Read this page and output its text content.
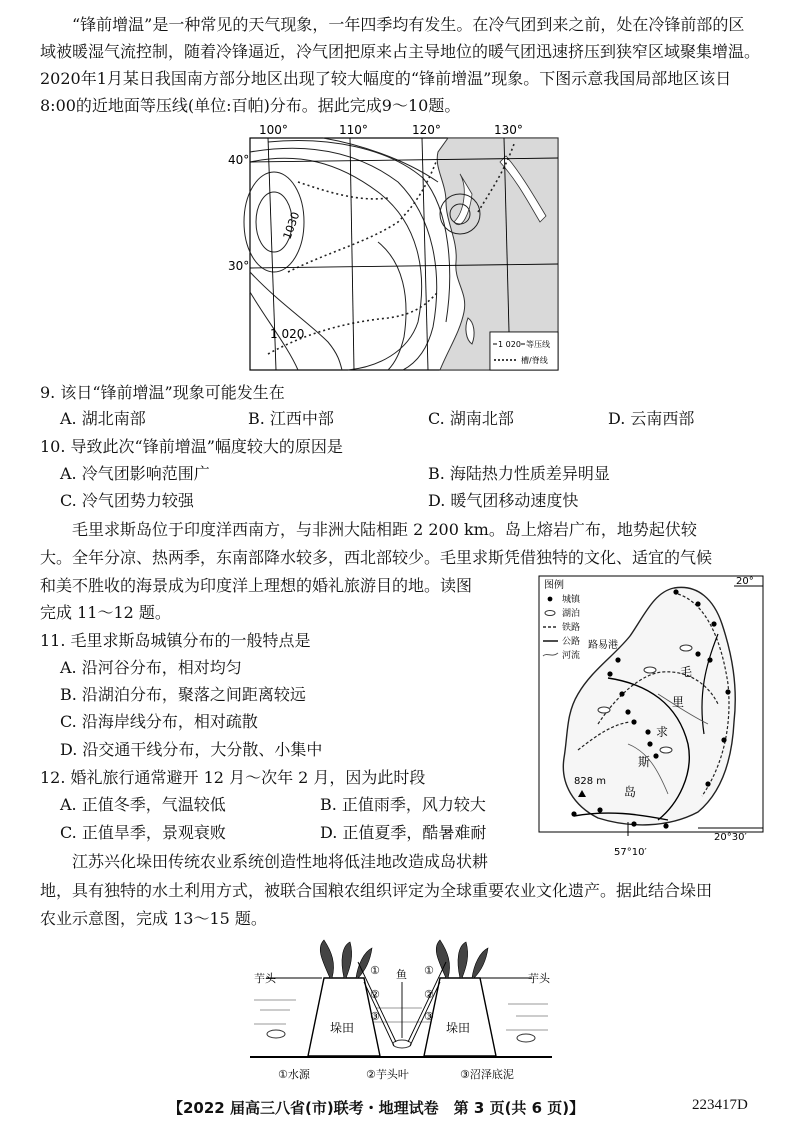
“锋前增温”是一种常见的天气现象，一年四季均有发生。在冷气团到来之前，处在冷锋前部的区域被暖湿气流控制，随着冷锋逼近，冷气团把原来占主导地位的暖气团迅速挤压到狭窄区域聚集增温。2020年1月某日我国南方部分地区出现了较大幅度的“锋前增温”现象。下图示意我国局部地区该日8:00的近地面等压线(单位:百帕)分布。据此完成9～10题。

100°	110°	120°	130°
40°
30°
1030
1 020
1 020 等压线
槽/脊线
9. 该日“锋前增温”现象可能发生在
A. 湖北南部	B. 江西中部	C. 湖南北部	D. 云南西部
10. 导致此次“锋前增温”幅度较大的原因是
A. 冷气团影响范围广	B. 海陆热力性质差异明显
C. 冷气团势力较强	D. 暖气团移动速度快
毛里求斯岛位于印度洋西南方，与非洲大陆相距 2 200 km。岛上熔岩广布，地势起伏较
大。全年分凉、热两季，东南部降水较多，西北部较少。毛里求斯凭借独特的文化、适宜的气候
和美不胜收的海景成为印度洋上理想的婚礼旅游目的地。读图
完成 11～12 题。
11. 毛里求斯岛城镇分布的一般特点是
A. 沿河谷分布，相对均匀
B. 沿湖泊分布，聚落之间距离较远
C. 沿海岸线分布，相对疏散
D. 沿交通干线分布，大分散、小集中
12. 婚礼旅行通常避开 12 月～次年 2 月，因为此时段
A. 正值冬季，气温较低	B. 正值雨季，风力较大
C. 正值旱季，景观衰败	D. 正值夏季，酷暑难耐
828 m
20°
20°30′
57°10′
路易港
毛
里
求
斯
岛
图例
城镇
湖泊
铁路
公路
河流
江苏兴化垛田传统农业系统创造性地将低洼地改造成岛状耕
地，具有独特的水土利用方式，被联合国粮农组织评定为全球重要农业文化遗产。据此结合垛田
农业示意图，完成 13～15 题。
垛田	垛田
芋头	芋头
鱼
①
②
③
①
②
③
①水源	②芋头叶	③沼泽底泥
【2022 届高三八省(市)联考・地理试卷　第 3 页(共 6 页)】	223417D
